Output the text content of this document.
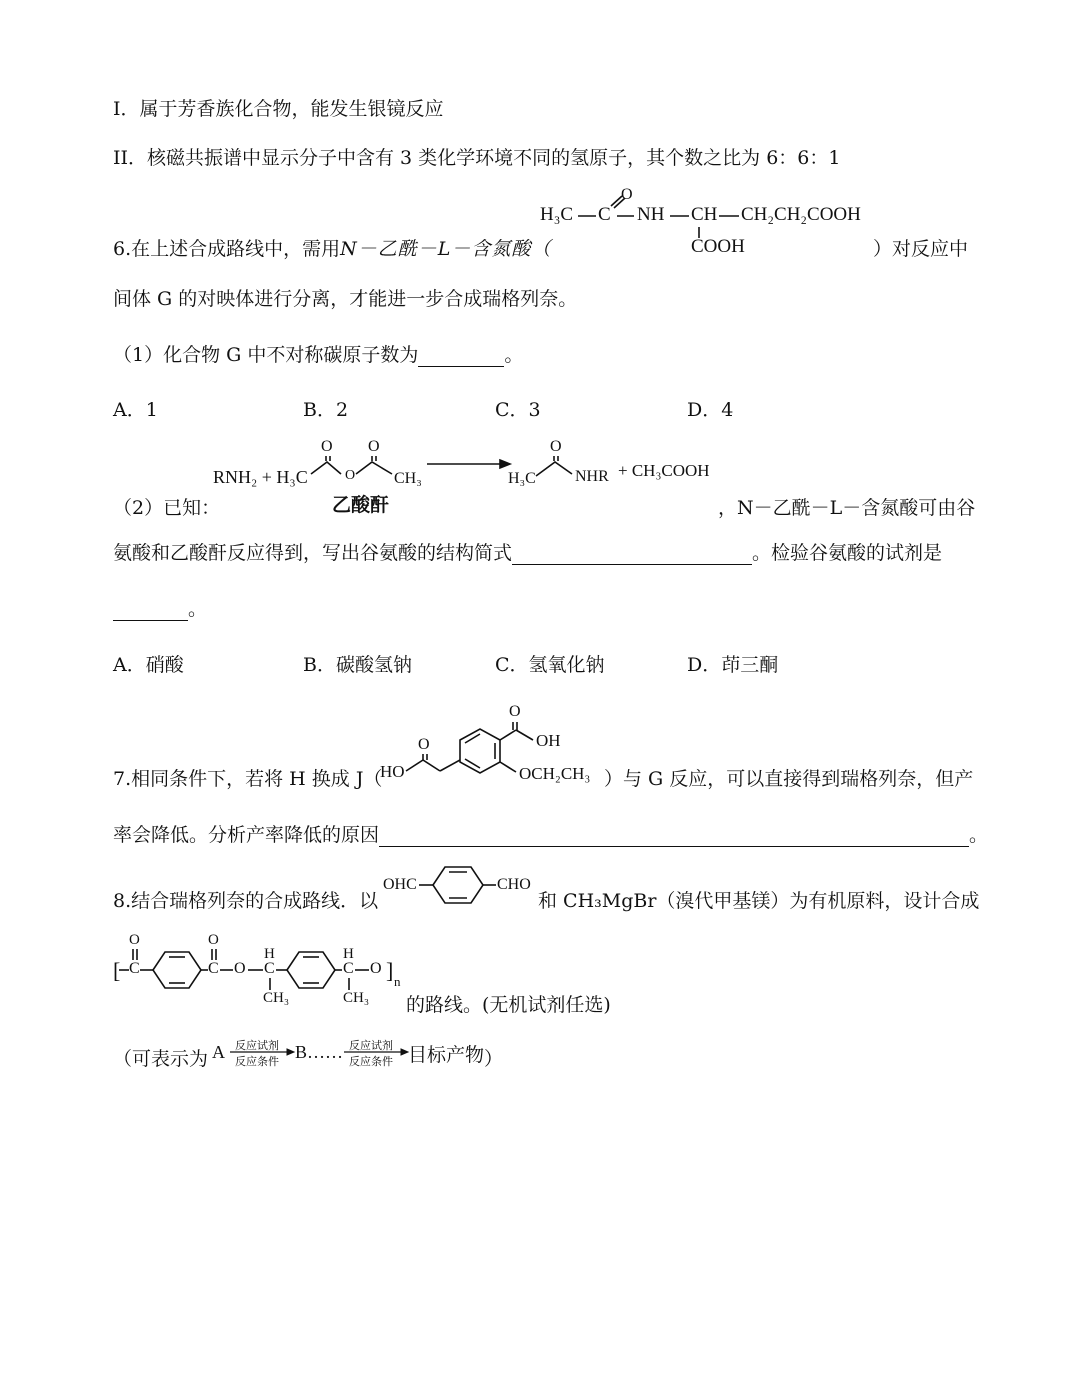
I．属于芳香族化合物，能发生银镜反应
II．核磁共振谱中显示分子中含有 3 类化学环境不同的氢原子，其个数之比为 6：6：1
6.在上述合成路线中，需用N－乙酰－L－含氮酸（	）对反应中
H₃C C
O
NH CH CH₂CH₂COOH
COOH
间体 G 的对映体进行分离，才能进一步合成瑞格列奈。
（1）化合物 G 中不对称碳原子数为	。
A．1	B．2	C．3	D．4
RNH₂ + H₃C
O O
O CH₃
乙酸酐
O
H₃C NHR + CH₃COOH
（2）已知：	，N－乙酰－L－含氮酸可由谷
氨酸和乙酸酐反应得到，写出谷氨酸的结构简式	。检验谷氨酸的试剂是
。
A．硝酸	B．碳酸氢钠	C．氢氧化钠	D．茚三酮
7.相同条件下，若将 H 换成 J（
HO
O
O
OH
OCH₂CH₃ ）与 G 反应，可以直接得到瑞格列奈，但产
率会降低。分析产率降低的原因	。
8.结合瑞格列奈的合成路线．以
OHC	CHO
和 CH₃MgBr（溴代甲基镁）为有机原料，设计合成
[
O
C
O
C O
H
C
CH₃
H
C
CH₃
O ] n
的路线。(无机试剂任选)
（可表示为 A 反应试剂
反应条件 B…… 反应试剂
反应条件 目标产物 ）
